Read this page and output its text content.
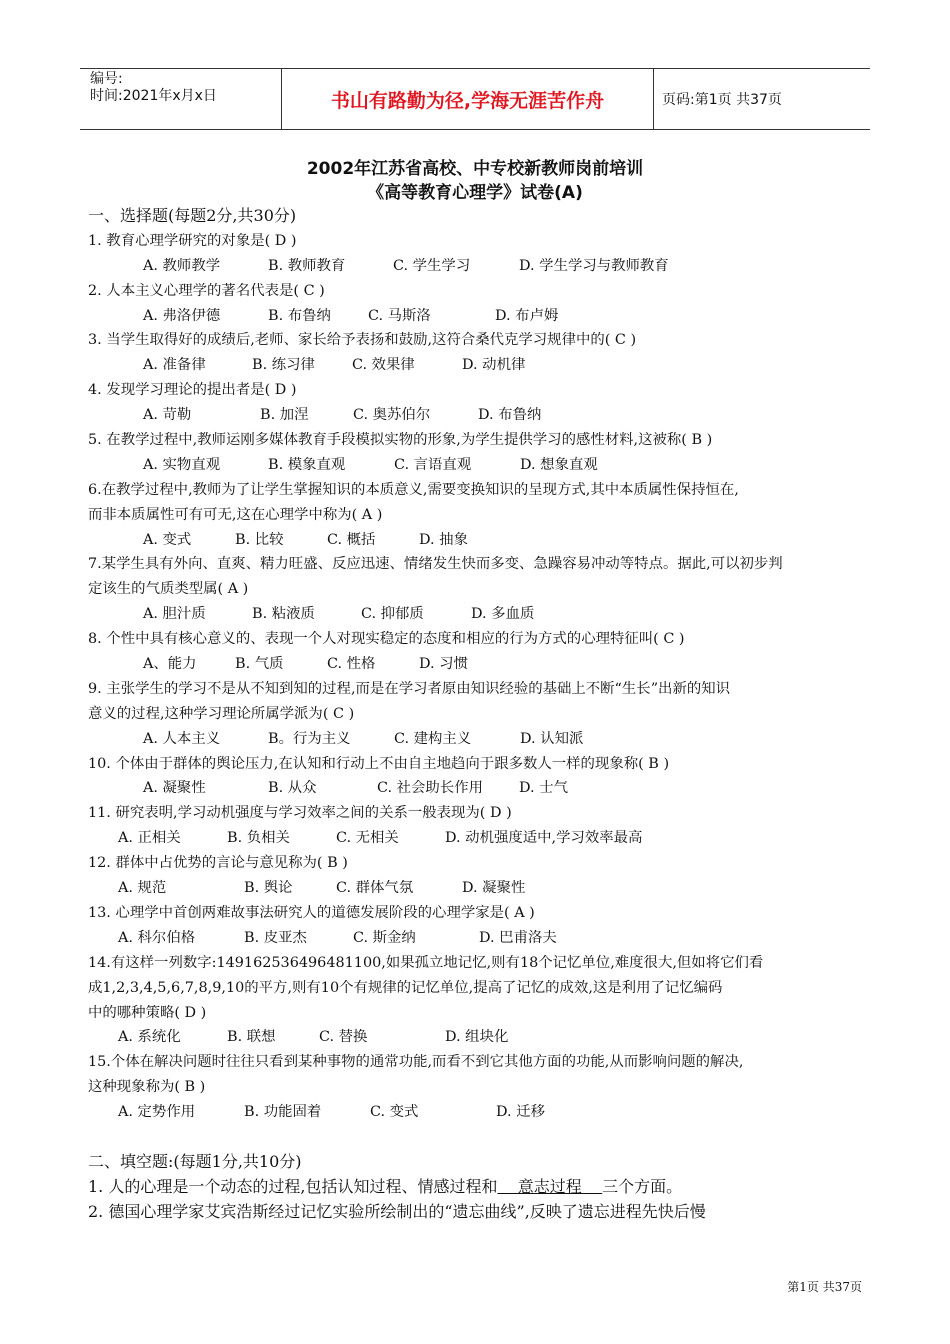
编号:
时间:2021年x月x日	书山有路勤为径,学海无涯苦作舟	页码:第1页 共37页
2002年江苏省高校、中专校新教师岗前培训
《高等教育心理学》试卷(A)
一、选择题(每题2分,共30分)
1. 教育心理学研究的对象是( D )
A. 教师教学	B. 教师教育	C. 学生学习	D. 学生学习与教师教育
2. 人本主义心理学的著名代表是( C )
A. 弗洛伊德	B. 布鲁纳	C. 马斯洛	D. 布卢姆
3. 当学生取得好的成绩后,老师、家长给予表扬和鼓励,这符合桑代克学习规律中的( C )
A. 准备律	B. 练习律	C. 效果律	D. 动机律
4. 发现学习理论的提出者是( D )
A. 苛勒	B. 加涅	C. 奥苏伯尔	D. 布鲁纳
5. 在教学过程中,教师运刚多媒体教育手段模拟实物的形象,为学生提供学习的感性材料,这被称( B )
A. 实物直观	B. 模象直观	C. 言语直观	D. 想象直观
6.在教学过程中,教师为了让学生掌握知识的本质意义,需要变换知识的呈现方式,其中本质属性保持恒在,
而非本质属性可有可无,这在心理学中称为( A )
A. 变式	B. 比较	C. 概括	D. 抽象
7.某学生具有外向、直爽、精力旺盛、反应迅速、情绪发生快而多变、急躁容易冲动等特点。据此,可以初步判
定该生的气质类型属( A )
A. 胆汁质	B. 粘液质	C. 抑郁质	D. 多血质
8. 个性中具有核心意义的、表现一个人对现实稳定的态度和相应的行为方式的心理特征叫( C )
A、能力	B. 气质	C. 性格	D. 习惯
9. 主张学生的学习不是从不知到知的过程,而是在学习者原由知识经验的基础上不断“生长”出新的知识
意义的过程,这种学习理论所属学派为( C )
A. 人本主义	B。行为主义	C. 建构主义	D. 认知派
10. 个体由于群体的舆论压力,在认知和行动上不由自主地趋向于跟多数人一样的现象称( B )
A. 凝聚性	B. 从众	C. 社会助长作用	D. 士气
11. 研究表明,学习动机强度与学习效率之间的关系一般表现为( D )
A. 正相关	B. 负相关	C. 无相关	D. 动机强度适中,学习效率最高
12. 群体中占优势的言论与意见称为( B )
A. 规范	B. 舆论	C. 群体气氛	D. 凝聚性
13. 心理学中首创两难故事法研究人的道德发展阶段的心理学家是( A )
A. 科尔伯格	B. 皮亚杰	C. 斯金纳	D. 巴甫洛夫
14.有这样一列数字:149162536496481100,如果孤立地记忆,则有18个记忆单位,难度很大,但如将它们看
成1,2,3,4,5,6,7,8,9,10的平方,则有10个有规律的记忆单位,提高了记忆的成效,这是利用了记忆编码
中的哪种策略( D )
A. 系统化	B. 联想	C. 替换	D. 组块化
15.个体在解决问题时往往只看到某种事物的通常功能,而看不到它其他方面的功能,从而影响问题的解决,
这种现象称为( B )
A. 定势作用	B. 功能固着	C. 变式	D. 迁移
二、填空题:(每题1分,共10分)
1. 人的心理是一个动态的过程,包括认知过程、情感过程和    意志过程    三个方面。
2. 德国心理学家艾宾浩斯经过记忆实验所绘制出的“遗忘曲线”,反映了遗忘进程先快后慢
第1页 共37页
